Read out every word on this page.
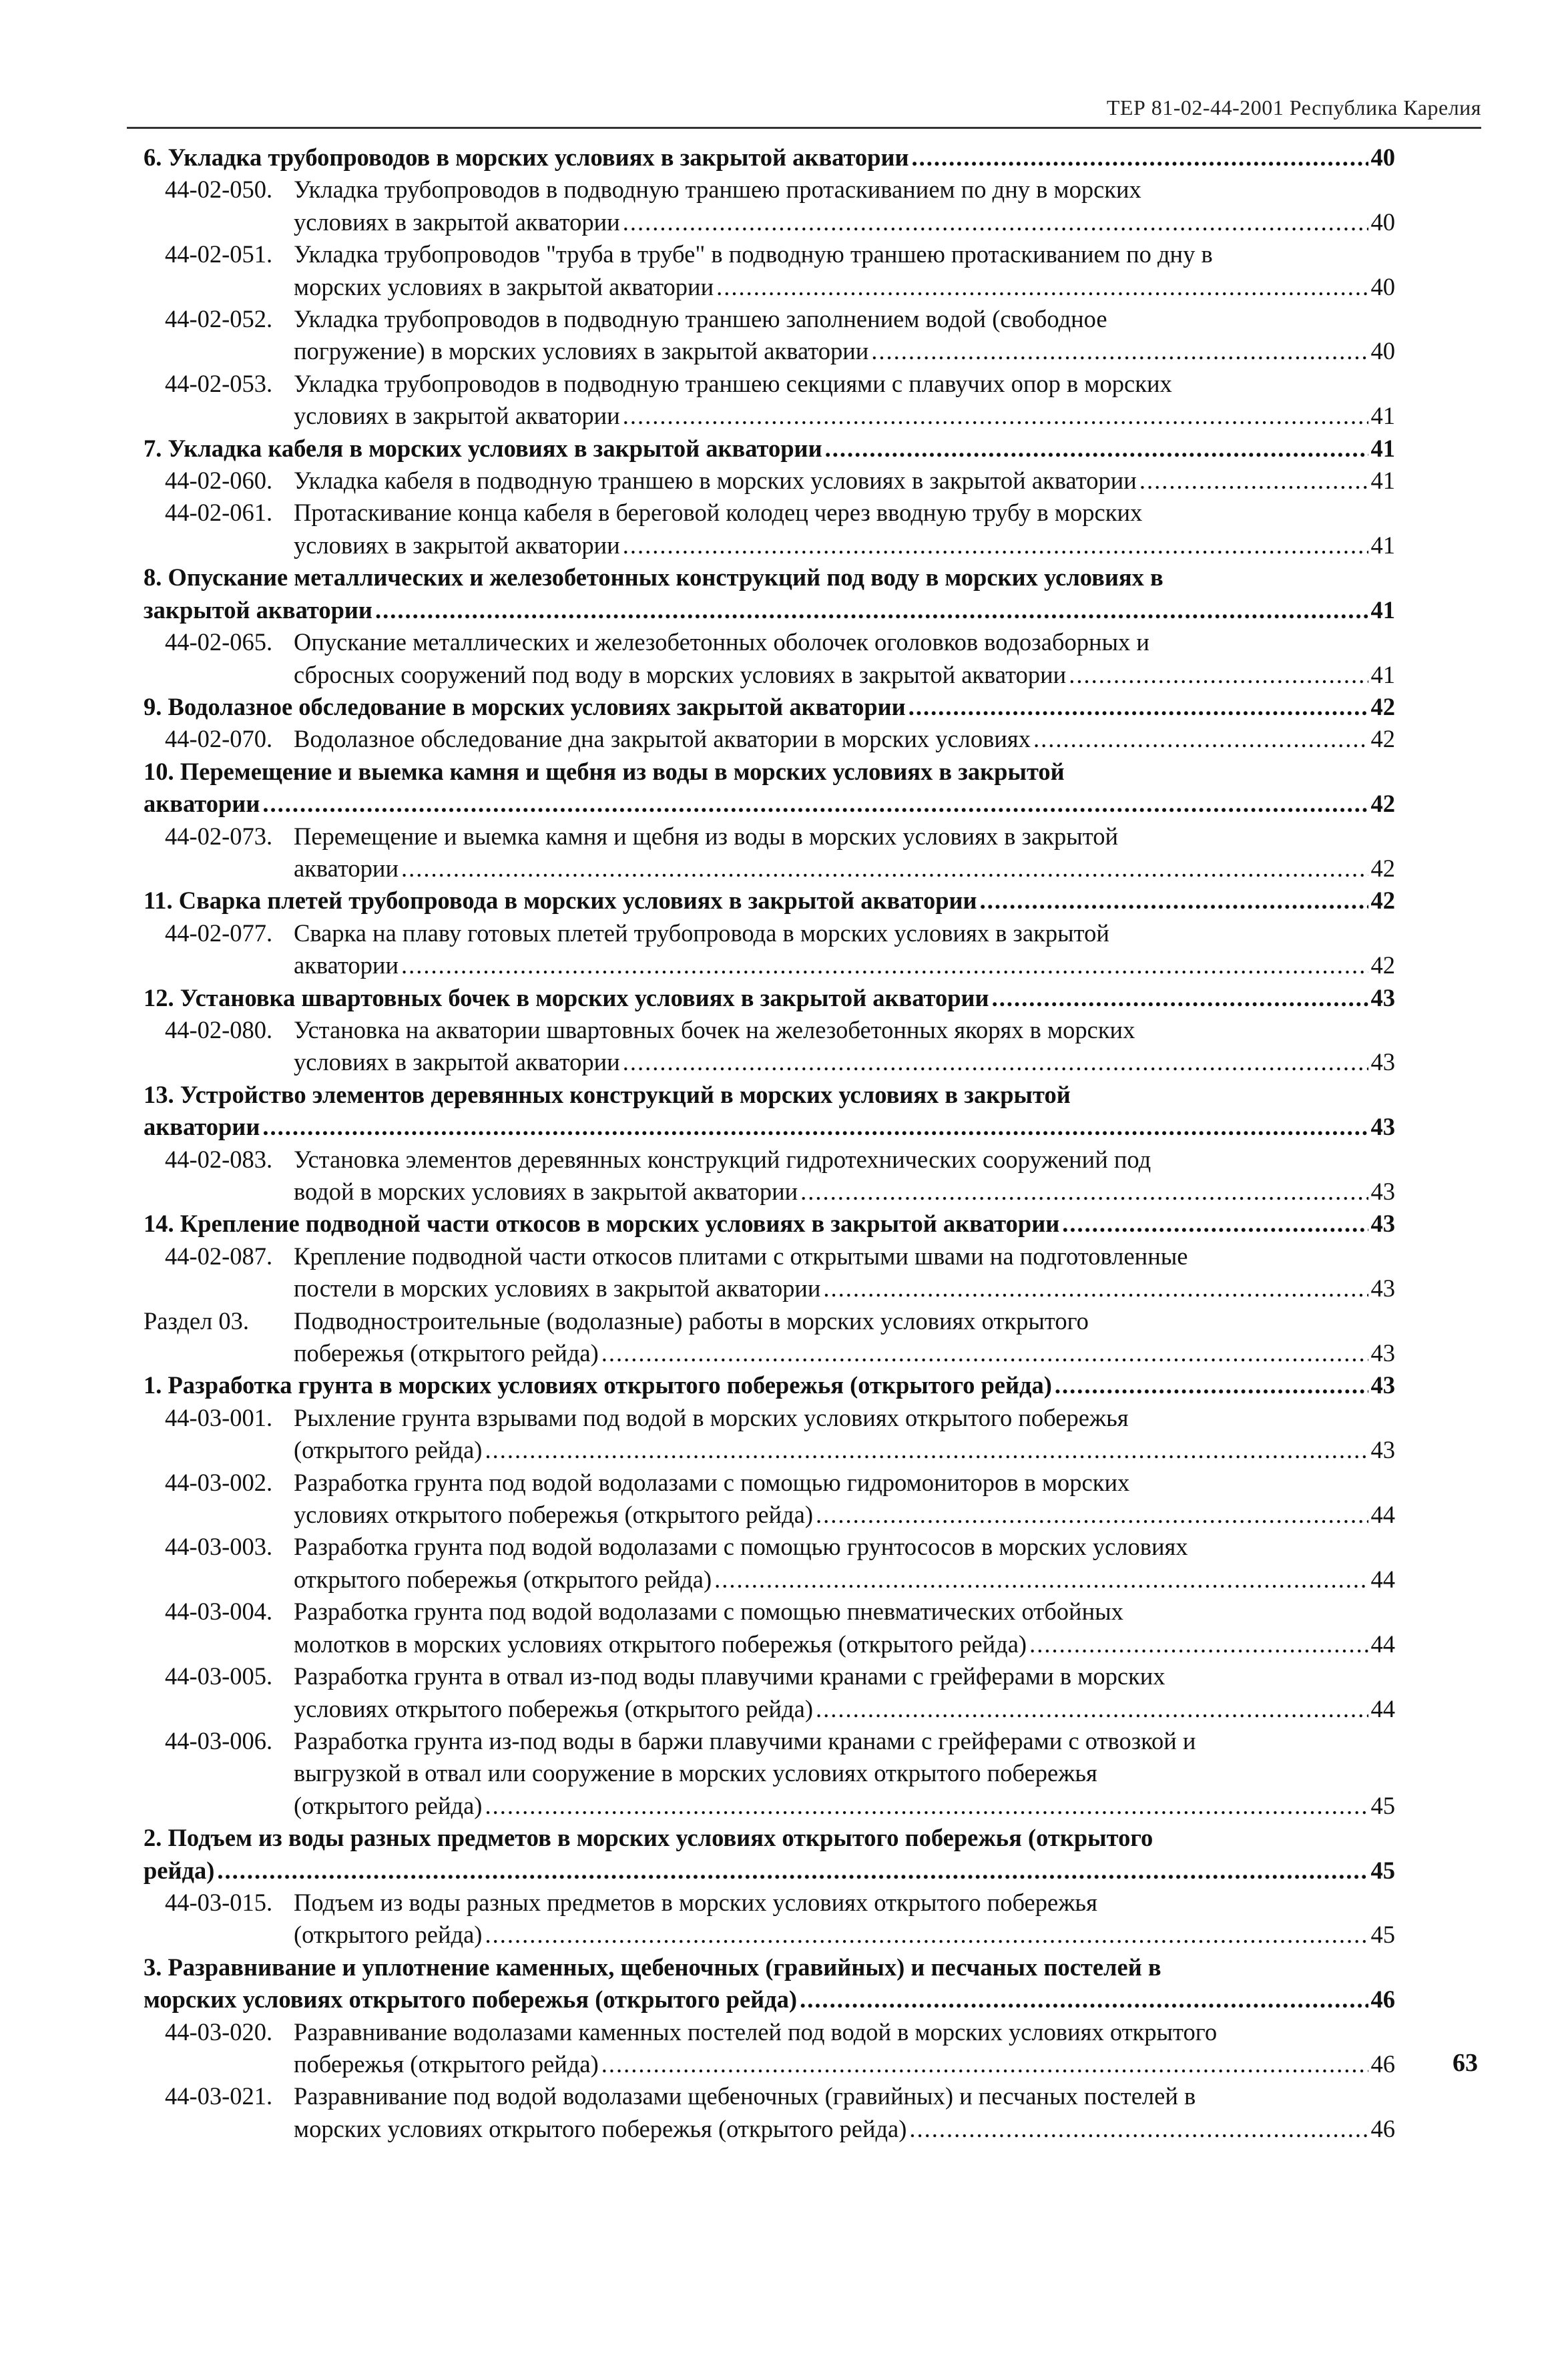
ТЕР 81-02-44-2001 Республика Карелия
6. Укладка трубопроводов в морских условиях в закрытой акватории .....	40
44-02-050. Укладка трубопроводов в подводную траншею протаскиванием по дну в морских
условиях в закрытой акватории .....	40
44-02-051. Укладка трубопроводов "труба в трубе" в подводную траншею протаскиванием по дну в
морских условиях в закрытой акватории .....	40
44-02-052. Укладка трубопроводов в подводную траншею заполнением водой (свободное
погружение) в морских условиях в закрытой акватории .....	40
44-02-053. Укладка трубопроводов в подводную траншею секциями с плавучих опор в морских
условиях в закрытой акватории .....	41
7. Укладка кабеля в морских условиях в закрытой акватории .....	41
44-02-060. Укладка кабеля в подводную траншею в морских условиях в закрытой акватории .....	41
44-02-061. Протаскивание конца кабеля в береговой колодец через вводную трубу в морских
условиях в закрытой акватории .....	41
8. Опускание металлических и железобетонных конструкций под воду в морских условиях в
закрытой акватории .....	41
44-02-065. Опускание металлических и железобетонных оболочек оголовков водозаборных и
сбросных сооружений под воду в морских условиях в закрытой акватории .....	41
9. Водолазное обследование в морских условиях закрытой акватории .....	42
44-02-070. Водолазное обследование дна закрытой акватории в морских условиях .....	42
10. Перемещение и выемка камня и щебня из воды в морских условиях в закрытой
акватории .....	42
44-02-073. Перемещение и выемка камня и щебня из воды в морских условиях в закрытой
акватории .....	42
11. Сварка плетей трубопровода в морских условиях в закрытой акватории .....	42
44-02-077. Сварка на плаву готовых плетей трубопровода в морских условиях в закрытой
акватории .....	42
12. Установка швартовных бочек в морских условиях в закрытой акватории .....	43
44-02-080. Установка на акватории швартовных бочек на железобетонных якорях в морских
условиях в закрытой акватории .....	43
13. Устройство элементов деревянных конструкций в морских условиях в закрытой
акватории .....	43
44-02-083. Установка элементов деревянных конструкций гидротехнических сооружений под
водой в морских условиях в закрытой акватории .....	43
14. Крепление подводной части откосов в морских условиях в закрытой акватории .....	43
44-02-087. Крепление подводной части откосов плитами с открытыми швами на подготовленные
постели в морских условиях в закрытой акватории .....	43
Раздел 03.	Подводностроительные (водолазные) работы в морских условиях открытого
побережья (открытого рейда) .....	43
1. Разработка грунта в морских условиях открытого побережья (открытого рейда) .....	43
44-03-001. Рыхление грунта взрывами под водой в морских условиях открытого побережья
(открытого рейда) .....	43
44-03-002. Разработка грунта под водой водолазами с помощью гидромониторов в морских
условиях открытого побережья (открытого рейда) .....	44
44-03-003. Разработка грунта под водой водолазами с помощью грунтососов в морских условиях
открытого побережья (открытого рейда) .....	44
44-03-004. Разработка грунта под водой водолазами с помощью пневматических отбойных
молотков в морских условиях открытого побережья (открытого рейда) .....	44
44-03-005. Разработка грунта в отвал из-под воды плавучими кранами с грейферами в морских
условиях открытого побережья (открытого рейда) .....	44
44-03-006. Разработка грунта из-под воды в баржи плавучими кранами с грейферами с отвозкой и
выгрузкой в отвал или сооружение в морских условиях открытого побережья
(открытого рейда) .....	45
2. Подъем из воды разных предметов в морских условиях открытого побережья (открытого
рейда) .....	45
44-03-015. Подъем из воды разных предметов в морских условиях открытого побережья
(открытого рейда) .....	45
3. Разравнивание и уплотнение каменных, щебеночных (гравийных) и песчаных постелей в
морских условиях открытого побережья (открытого рейда) .....	46
44-03-020. Разравнивание водолазами каменных постелей под водой в морских условиях открытого
побережья (открытого рейда) .....	46
44-03-021. Разравнивание под водой водолазами щебеночных (гравийных) и песчаных постелей в
морских условиях открытого побережья (открытого рейда) .....	46
63
